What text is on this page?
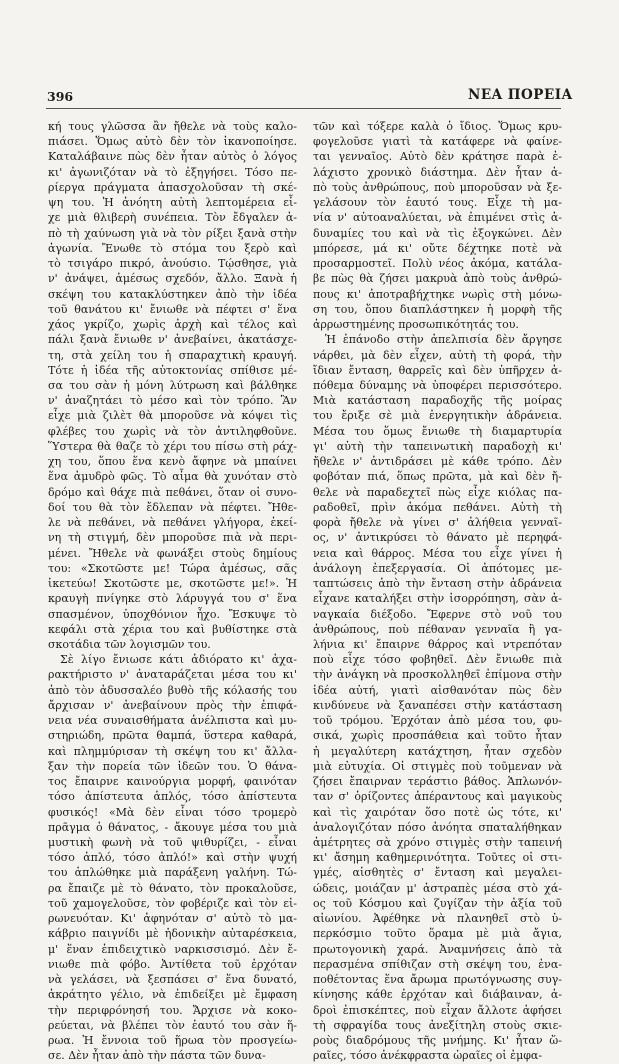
396	ΝΕΑ ΠΟΡΕΙΑ
κή τους γλῶσσα ἂν ἤθελε νὰ τοὺς καλο-
πιάσει. Ὅμως αὐτὸ δὲν τὸν ἱκανοποίησε.
Καταλάβαινε πὼς δὲν ἦταν αὐτὸς ὁ λόγος
κι' ἀγωνιζόταν νὰ τὸ ἐξηγήσει. Τόσο πε-
ρίεργα πράγματα ἀπασχολοῦσαν τὴ σκέ-
ψη του. Ἡ ἀνόητη αὐτὴ λεπτομέρεια εἶ-
χε μιὰ θλιβερὴ συνέπεια. Τὸν ἔδγαλεν ἀ-
πὸ τὴ χαύνωση γιὰ νὰ τὸν ρίξει ξανὰ στὴν
ἀγωνία. Ἔνωθε τὸ στόμα του ξερὸ καὶ
τὸ τσιγάρο πικρό, ἀνούσιο. Τῴσθησε, γιὰ
ν' ἀνάψει, ἀμέσως σχεδόν, ἄλλο. Ξανὰ ἡ
σκέψη του κατακλύστηκεν ἀπὸ τὴν ἰδέα
τοῦ θανάτου κι' ἔνιωθε νὰ πέφτει σ' ἕνα
χάος γκρίζο, χωρὶς ἀρχὴ καὶ τέλος καὶ
πάλι ξανὰ ἔνιωθε ν' ἀνεβαίνει, ἀκατάσχε-
τη, στὰ χείλη του ἡ σπαραχτικὴ κραυγή.
Τότε ἡ ἰδέα τῆς αὐτοκτονίας σπίθισε μέ-
σα του σὰν ἡ μόνη λύτρωση καὶ βάλθηκε
ν' ἀναζητάει τὸ μέσο καὶ τὸν τρόπο. Ἂν
εἶχε μιὰ ζιλὲτ θὰ μποροῦσε νὰ κόψει τὶς
φλέβες του χωρὶς νὰ τὸν ἀντιληφθοῦνε.
Ὕστερα θὰ θαζε τὸ χέρι του πίσω στὴ ράχ-
χη του, ὅπου ἕνα κενὸ ἄφηνε νὰ μπαίνει
ἕνα ἀμυδρὸ φῶς. Τὸ αἷμα θὰ χυνόταν στὸ
δρόμο καὶ θάχε πιὰ πεθάνει, ὅταν οἱ συνο-
δοί του θὰ τὸν ἔδλεπαν νὰ πέφτει. Ἤθε-
λε νὰ πεθάνει, νὰ πεθάνει γλήγορα, ἐκεί-
νη τὴ στιγμή, δὲν μποροῦσε πιὰ νὰ περι-
μένει. Ἤθελε νὰ φωνάξει στοὺς δημίους
του: «Σκοτῶστε με! Τώρα ἀμέσως, σᾶς
ἱκετεύω! Σκοτῶστε με, σκοτῶστε με!». Ἡ
κραυγὴ πνίγηκε στὸ λάρυγγά του σ' ἕνα
σπασμένον, ὑποχθόνιον ἦχο. Ἔσκυψε τὸ
κεφάλι στὰ χέρια του καὶ βυθίστηκε στὰ
σκοτάδια τῶν λογισμῶν του.
Σὲ λίγο ἔνιωσε κάτι ἀδιόρατο κι' ἀχα-
ρακτήριστο ν' ἀναταράζεται μέσα του κι'
ἀπὸ τὸν ἀδυσσαλέο βυθὸ τῆς κόλασής του
ἄρχισαν ν' ἀνεβαίνουν πρὸς τὴν ἐπιφά-
νεια νέα συναισθήματα ἀνέλπιστα καὶ μυ-
στηριώδη, πρῶτα θαμπά, ὕστερα καθαρά,
καὶ πλημμύρισαν τὴ σκέψη του κι' ἄλλα-
ξαν τὴν πορεία τῶν ἰδεῶν του. Ὁ θάνα-
τος ἔπαιρνε καινούργια μορφή, φαινόταν
τόσο ἀπίστευτα ἁπλός, τόσο ἀπίστευτα
φυσικός! «Μὰ δὲν εἶναι τόσο τρομερὸ
πρᾶγμα ὁ θάνατος, - ἄκουγε μέσα του μιὰ
μυστικὴ φωνὴ νὰ τοῦ ψιθυρίζει, - εἶναι
τόσο ἁπλό, τόσο ἁπλό!» καὶ στὴν ψυχή
του ἁπλώθηκε μιὰ παράξενη γαλήνη. Τώ-
ρα ἔπαιζε μὲ τὸ θάνατο, τὸν προκαλοῦσε,
τοῦ χαμογελοῦσε, τὸν φοβέριζε καὶ τὸν εἰ-
ρωνευόταν. Κι' ἀφηνόταν σ' αὐτὸ τὸ μα-
κάβριο παιγνίδι μὲ ἡδονικὴν αὐταρέσκεια,
μ' ἕναν ἐπιδειχτικὸ ναρκισσισμό. Δὲν ἔ-
νιωθε πιὰ φόβο. Ἀντίθετα τοῦ ἐρχόταν
νὰ γελάσει, νὰ ξεσπάσει σ' ἕνα δυνατό,
ἀκράτητο γέλιο, νὰ ἐπιδείξει μὲ ἔμφαση
τὴν περιφρόνησή του. Ἄρχισε νὰ κοκο-
ρεύεται, νὰ βλέπει τὸν ἑαυτό του σὰν ἥ-
ρωα. Ἡ ἔννοια τοῦ ἥρωα τὸν προσγείω-
σε. Δὲν ἦταν ἀπὸ τὴν πάστα τῶν δυνα-
τῶν καὶ τόξερε καλὰ ὁ ἴδιος. Ὅμως κρυ-
φογελοῦσε γιατὶ τὰ κατάφερε νὰ φαίνε-
ται γενναῖος. Αὐτὸ δὲν κράτησε παρὰ ἐ-
λάχιστο χρονικὸ διάστημα. Δὲν ἦταν ἀ-
πὸ τοὺς ἀνθρώπους, ποὺ μποροῦσαν νὰ ξε-
γελάσουν τὸν ἑαυτό τους. Εἶχε τὴ μα-
νία ν' αὐτοαναλύεται, νὰ ἐπιμένει στὶς ἀ-
δυναμίες του καὶ νὰ τὶς ἐξογκώνει. Δὲν
μπόρεσε, μά κι' οὔτε δέχτηκε ποτὲ νὰ
προσαρμοστεῖ. Πολὺ νέος ἀκόμα, κατάλα-
βε πὼς θὰ ζήσει μακρυὰ ἀπὸ τοὺς ἀνθρώ-
πους κι' ἀποτραβήχτηκε νωρὶς στὴ μόνω-
ση του, ὅπου διαπλάστηκεν ἡ μορφὴ τῆς
ἀρρωστημένης προσωπικότητάς του.
Ἡ ἐπάνοδο στὴν ἀπελπισία δὲν ἄργησε
νάρθει, μὰ δὲν εἶχεν, αὐτὴ τὴ φορά, τὴν
ἴδιαν ἔνταση, θαρρεῖς καὶ δὲν ὑπῆρχεν ἀ-
πόθεμα δύναμης νὰ ὑποφέρει περισσότερο.
Μιὰ κατάσταση παραδοχῆς τῆς μοίρας
του ἔριξε σὲ μιὰ ἐνεργητικὴν ἀδράνεια.
Μέσα του ὅμως ἔνιωθε τὴ διαμαρτυρία
γι' αὐτὴ τὴν ταπεινωτικὴ παραδοχὴ κι'
ἤθελε ν' ἀντιδράσει μὲ κάθε τρόπο. Δὲν
φοβόταν πιά, ὅπως πρῶτα, μὰ καὶ δὲν ἤ-
θελε νὰ παραδεχτεῖ πὼς εἶχε κιόλας πα-
ραδοθεῖ, πρὶν ἀκόμα πεθάνει. Αὐτὴ τὴ
φορὰ ἤθελε νὰ γίνει σ' ἀλήθεια γενναῖ-
ος, ν' ἀντικρύσει τὸ θάνατο μὲ περηφά-
νεια καὶ θάρρος. Μέσα του εἶχε γίνει ἡ
ἀνάλογη ἐπεξεργασία. Οἱ ἀπότομες με-
ταπτώσεις ἀπὸ τὴν ἔνταση στὴν ἀδράνεια
εἶχανε καταλήξει στὴν ἰσορρόπηση, σὰν ἀ-
ναγκαία διέξοδο. Ἔφερνε στὸ νοῦ του
ἀνθρώπους, ποὺ πέθαναν γενναῖα ἢ γα-
λήνια κι' ἔπαιρνε θάρρος καὶ ντρεπόταν
ποὺ εἶχε τόσο φοβηθεῖ. Δὲν ἔνιωθε πιὰ
τὴν ἀνάγκη νὰ προσκολληθεῖ ἐπίμονα στὴν
ἰδέα αὐτή, γιατὶ αἰσθανόταν πὼς δὲν
κινδύνευε νὰ ξαναπέσει στὴν κατάσταση
τοῦ τρόμου. Ἐρχόταν ἀπὸ μέσα του, φυ-
σικά, χωρὶς προσπάθεια καὶ τοῦτο ἦταν
ἡ μεγαλύτερη κατάχτηση, ἦταν σχεδὸν
μιὰ εὐτυχία. Οἱ στιγμὲς ποὺ τοῦμεναν νὰ
ζήσει ἔπαιρναν τεράστιο βάθος. Ἁπλωνόν-
ταν σ' ὁρίζοντες ἀπέραντους καὶ μαγικοὺς
καὶ τὶς χαιρόταν ὅσο ποτὲ ὡς τότε, κι'
ἀναλογιζόταν πόσο ἀνόητα σπαταλήθηκαν
ἀμέτρητες σὰ χρόνο στιγμὲς στὴν ταπεινή
κι' ἄσημη καθημερινότητα. Τοῦτες οἱ στι-
γμές, αἰσθητὲς σ' ἔνταση καὶ μεγαλει-
ώδεις, μοιάζαν μ' ἀστραπὲς μέσα στὸ χά-
ος τοῦ Κόσμου καὶ ζυγίζαν τὴν ἀξία τοῦ
αἰωνίου. Ἀφέθηκε νὰ πλανηθεῖ στὸ ὑ-
περκόσμιο τοῦτο ὅραμα μὲ μιὰ ἄγια,
πρωτογονικὴ χαρά. Ἀναμνήσεις ἀπὸ τὰ
περασμένα σπίθιζαν στὴ σκέψη του, ἐνα-
ποθέτοντας ἕνα ἄρωμα πρωτόγνωσης συγ-
κίνησης κάθε ἐρχόταν καὶ διάβαιναν, ἁ-
δροὶ ἐπισκέπτες, ποὺ εἶχαν ἄλλοτε ἀφήσει
τὴ σφραγίδα τους ἀνεξίτηλη στοὺς σκιε-
ροὺς διαδρόμους τῆς μνήμης. Κι' ἦταν ὥ-
ραῖες, τόσο ἀνέκφραστα ὡραῖες οἱ ἐμφα-
